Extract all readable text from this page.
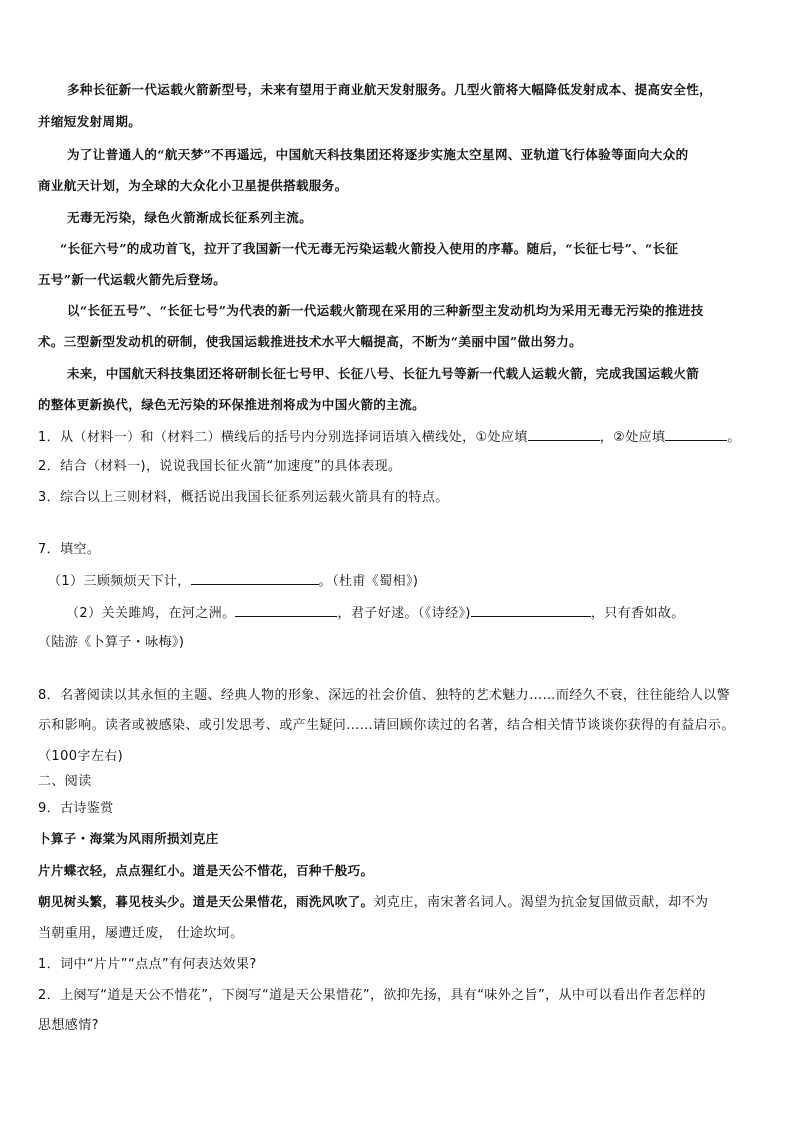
多种长征新一代运载火箭新型号，未来有望用于商业航天发射服务。几型火箭将大幅降低发射成本、提高安全性，
并缩短发射周期。
为了让普通人的“航天梦”不再遥远，中国航天科技集团还将逐步实施太空星网、亚轨道飞行体验等面向大众的
商业航天计划，为全球的大众化小卫星提供搭载服务。
无毒无污染，绿色火箭渐成长征系列主流。
“长征六号”的成功首飞，拉开了我国新一代无毒无污染运载火箭投入使用的序幕。随后，“长征七号”、“长征
五号”新一代运载火箭先后登场。
以“长征五号”、“长征七号”为代表的新一代运载火箭现在采用的三种新型主发动机均为采用无毒无污染的推进技
术。三型新型发动机的研制，使我国运载推进技术水平大幅提高，不断为“美丽中国”做出努力。
未来，中国航天科技集团还将研制长征七号甲、长征八号、长征九号等新一代载人运载火箭，完成我国运载火箭
的整体更新换代，绿色无污染的环保推进剂将成为中国火箭的主流。
1．从（材料一）和（材料二）横线后的括号内分别选择词语填入横线处，①处应填	，②处应填	。
2．结合（材料一)，说说我国长征火箭“加速度”的具体表现。
3．综合以上三则材料，概括说出我国长征系列运载火箭具有的特点。
7．填空。
（1）三顾频烦天下计，	。（杜甫《蜀相》)
（2）关关雎鸠，在河之洲。	，君子好逑。（《诗经》)	，只有香如故。
（陆游《卜算子・咏梅》)
8．名著阅读以其永恒的主题、经典人物的形象、深远的社会价值、独特的艺术魅力……而经久不衰，往往能给人以警
示和影响。读者或被感染、或引发思考、或产生疑问……请回顾你读过的名著，结合相关情节谈谈你获得的有益启示。
（100字左右)
二、阅读
9．古诗鉴赏
卜算子・海棠为风雨所损刘克庄
片片蝶衣轻，点点猩红小。道是天公不惜花，百种千般巧。
朝见树头繁，暮见枝头少。道是天公果惜花，雨洗风吹了。刘克庄，南宋著名词人。渴望为抗金复国做贡献，却不为
当朝重用，屡遭迁废， 仕途坎坷。
1．词中“片片”“点点”有何表达效果?
2．上阕写“道是天公不惜花”，下阕写“道是天公果惜花”，欲抑先扬，具有“味外之旨”，从中可以看出作者怎样的
思想感情?
